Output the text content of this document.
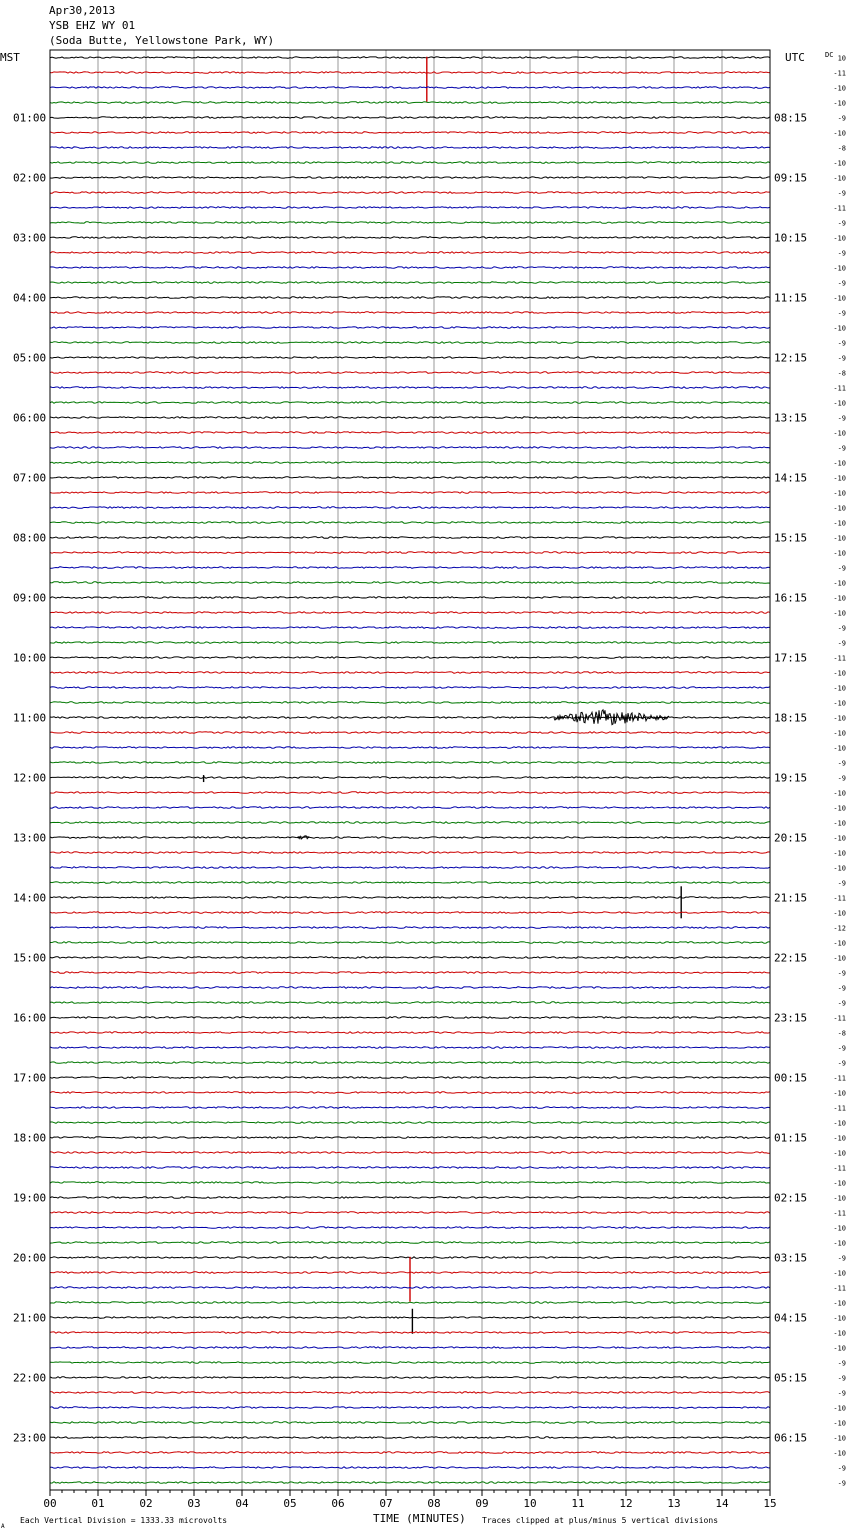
Apr30,2013
YSB EHZ WY 01
(Soda Butte, Yellowstone Park, WY)
00	01	02	03	04	05	06	07	08	09	10	11	12	13	14	15
01:00
02:00
03:00
04:00
05:00
06:00
07:00
08:00
09:00
10:00
11:00
12:00
13:00
14:00
15:00
16:00
17:00
18:00
19:00
20:00
21:00
22:00
23:00
08:15
09:15
10:15
11:15
12:15
13:15
14:15
15:15
16:15
17:15
18:15
19:15
20:15
21:15
22:15
23:15
00:15
01:15
02:15
03:15
04:15
05:15
06:15
10
-11
-10
-10
-9
-10
-8
-10
-10
-9
-11
-9
-10
-9
-10
-9
-10
-9
-10
-9
-9
-8
-11
-10
-9
-10
-9
-10
-10
-10
-10
-10
-10
-10
-9
-10
-10
-10
-9
-9
-11
-10
-10
-10
-10
-10
-10
-9
-9
-10
-10
-10
-10
-10
-10
-9
-11
-10
-12
-10
-10
-9
-9
-9
-11
-8
-9
-9
-11
-10
-11
-10
-10
-10
-11
-10
-10
-11
-10
-10
-9
-10
-11
-10
-10
-10
-10
-9
-9
-9
-10
-10
-10
-10
-9
-9
MST	UTC	DC
TIME (MINUTES)
Each Vertical Division = 1333.33 microvolts	Traces clipped at plus/minus 5 vertical divisions
A
